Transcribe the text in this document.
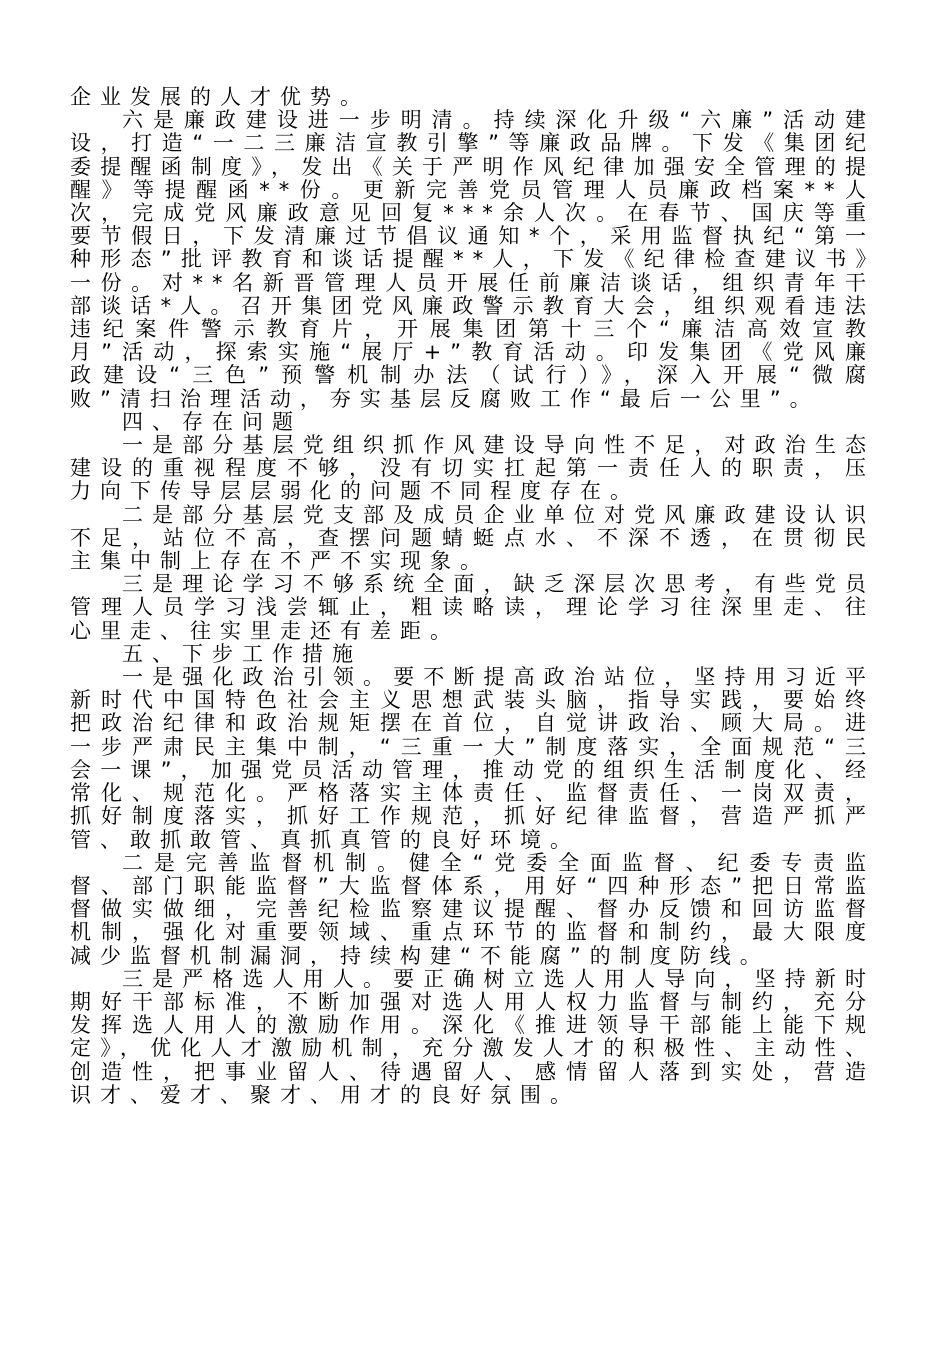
企业发展的人才优势。

六是廉政建设进一步明清。持续深化升级“六廉”活动建设，打造“一二三廉洁宣教引擎”等廉政品牌。下发《集团纪委提醒函制度》，发出《关于严明作风纪律加强安全管理的提醒》等提醒函**份。更新完善党员管理人员廉政档案**人次，完成党风廉政意见回复***余人次。在春节、国庆等重要节假日，下发清廉过节倡议通知*个，采用监督执纪“第一种形态”批评教育和谈话提醒**人，下发《纪律检查建议书》一份。对**名新晋管理人员开展任前廉洁谈话，组织青年干部谈话*人。召开集团党风廉政警示教育大会，组织观看违法违纪案件警示教育片，开展集团第十三个“廉洁高效宣教月”活动，探索实施“展厅+”教育活动。印发集团《党风廉政建设“三色”预警机制办法（试行）》，深入开展“微腐败”清扫治理活动，夯实基层反腐败工作“最后一公里”。

四、存在问题

一是部分基层党组织抓作风建设导向性不足，对政治生态建设的重视程度不够，没有切实扛起第一责任人的职责，压力向下传导层层弱化的问题不同程度存在。

二是部分基层党支部及成员企业单位对党风廉政建设认识不足，站位不高，查摆问题蜻蜓点水、不深不透，在贯彻民主集中制上存在不严不实现象。

三是理论学习不够系统全面，缺乏深层次思考，有些党员管理人员学习浅尝辄止，粗读略读，理论学习往深里走、往心里走、往实里走还有差距。

五、下步工作措施

一是强化政治引领。要不断提高政治站位，坚持用习近平新时代中国特色社会主义思想武装头脑，指导实践，要始终把政治纪律和政治规矩摆在首位，自觉讲政治、顾大局。进一步严肃民主集中制，“三重一大”制度落实，全面规范“三会一课”，加强党员活动管理，推动党的组织生活制度化、经常化、规范化。严格落实主体责任、监督责任、一岗双责，抓好制度落实，抓好工作规范，抓好纪律监督，营造严抓严管、敢抓敢管、真抓真管的良好环境。

二是完善监督机制。健全“党委全面监督、纪委专责监督、部门职能监督”大监督体系，用好“四种形态”把日常监督做实做细，完善纪检监察建议提醒、督办反馈和回访监督机制，强化对重要领域、重点环节的监督和制约，最大限度减少监督机制漏洞，持续构建“不能腐”的制度防线。

三是严格选人用人。要正确树立选人用人导向，坚持新时期好干部标准，不断加强对选人用人权力监督与制约，充分发挥选人用人的激励作用。深化《推进领导干部能上能下规定》，优化人才激励机制，充分激发人才的积极性、主动性、创造性，把事业留人、待遇留人、感情留人落到实处，营造识才、爱才、聚才、用才的良好氛围。
